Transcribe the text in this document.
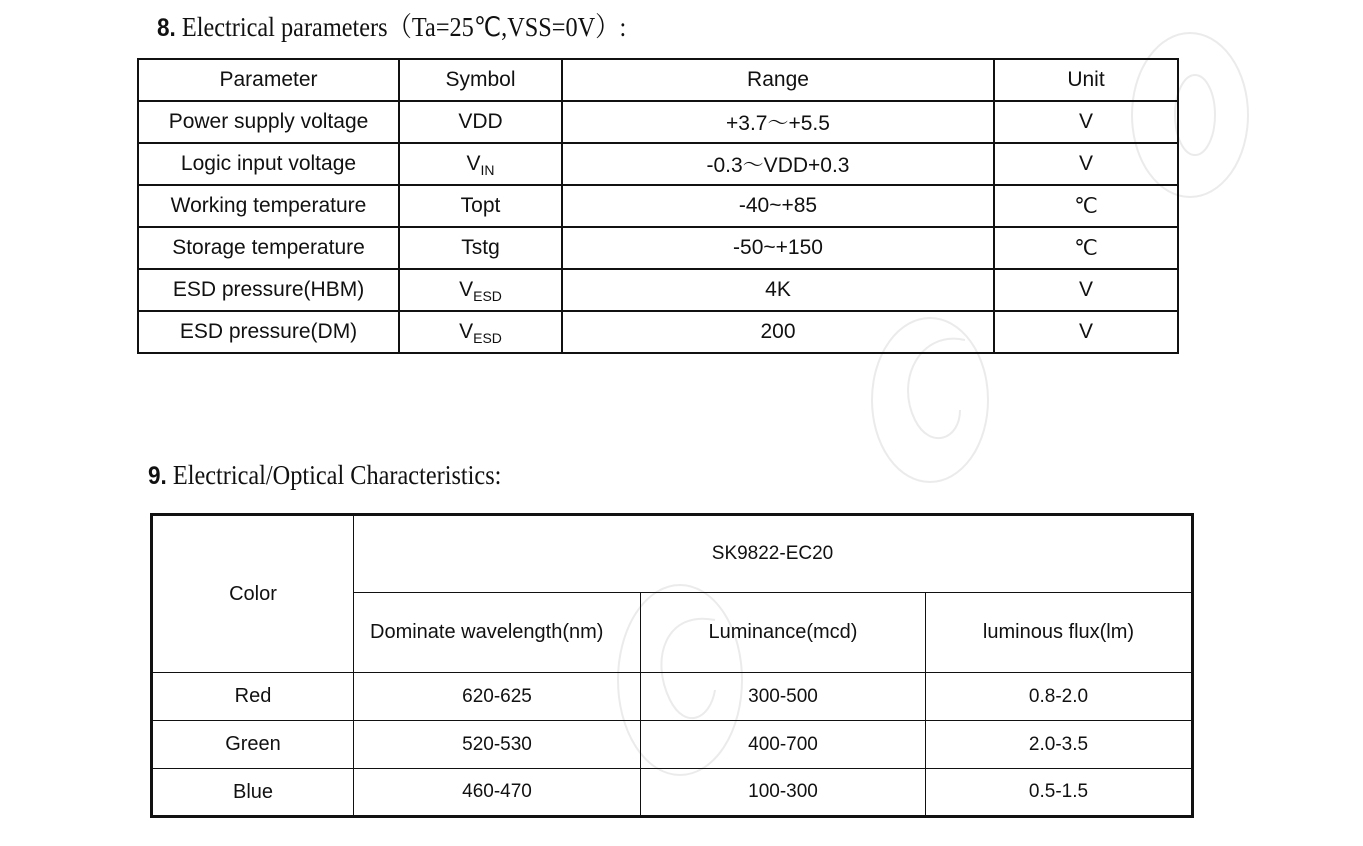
8. Electrical parameters（Ta=25℃,VSS=0V）:
Parameter	Symbol	Range	Unit
Power supply voltage	VDD	+3.7～+5.5	V
Logic input voltage	$V_{IN}$	-0.3～VDD+0.3	V
Working temperature	Topt	-40~+85	℃
Storage temperature	Tstg	-50~+150	℃
ESD pressure(HBM)	$V_{ESD}$	4K	V
ESD pressure(DM)	$V_{ESD}$	200	V
9. Electrical/Optical Characteristics:
Color	SK9822-EC20		
	Dominate wavelength(nm)	Luminance(mcd)	luminous flux(lm)
Red	620-625	300-500	0.8-2.0
Green	520-530	400-700	2.0-3.5
Blue	460-470	100-300	0.5-1.5
